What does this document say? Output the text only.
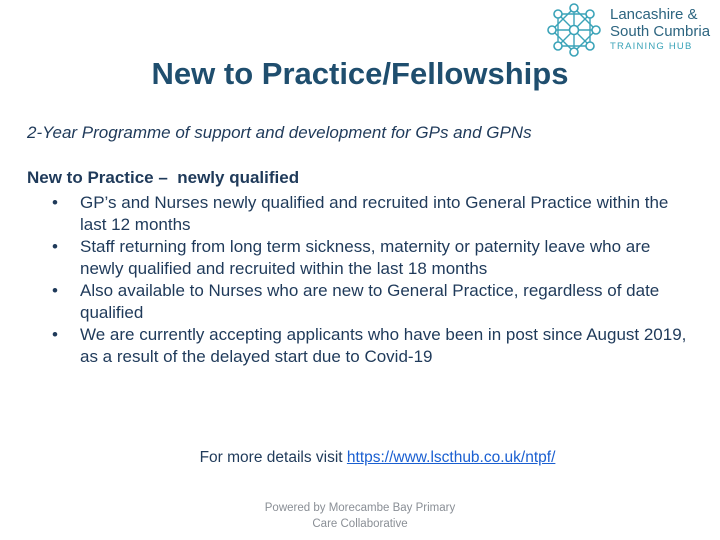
Lancashire &
South Cumbria
TRAINING HUB
New to Practice/Fellowships
2-Year Programme of support and development for GPs and GPNs
New to Practice –  newly qualified
• GP’s and Nurses newly qualified and recruited into General Practice within the last 12 months
• Staff returning from long term sickness, maternity or paternity leave who are newly qualified and recruited within the last 18 months
• Also available to Nurses who are new to General Practice, regardless of date qualified
• We are currently accepting applicants who have been in post since August 2019, as a result of the delayed start due to Covid-19
For more details visit https://www.lscthub.co.uk/ntpf/
Powered by Morecambe Bay Primary
Care Collaborative
